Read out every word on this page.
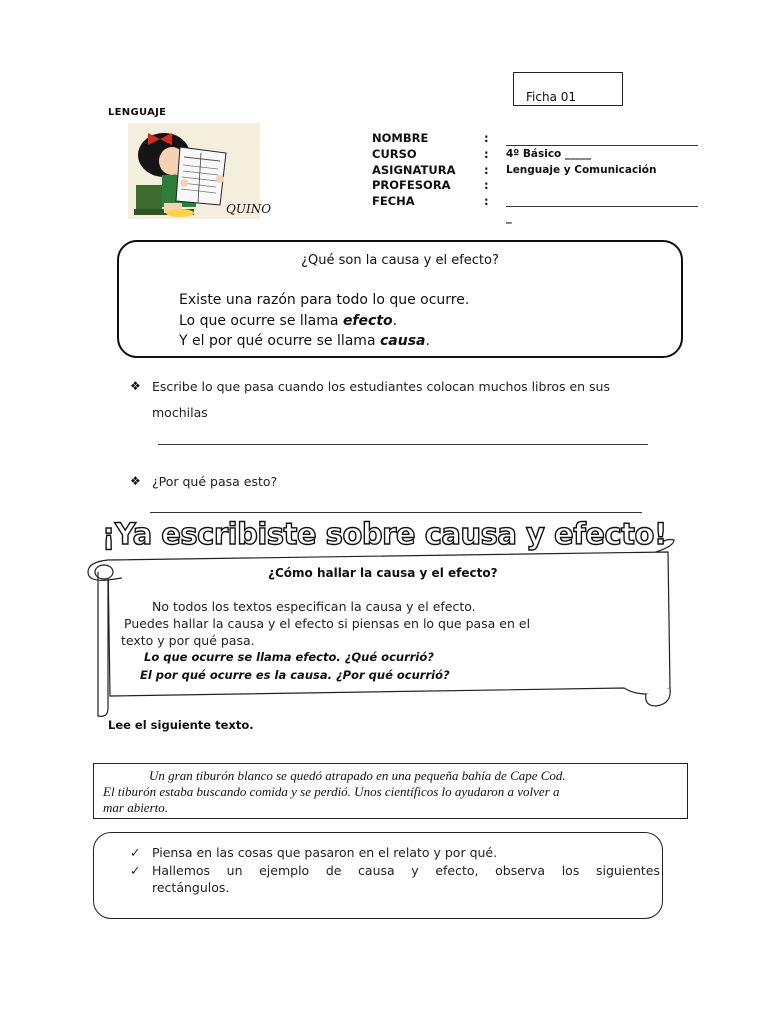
Ficha 01
LENGUAJE
QUINO
NOMBRE
CURSO
ASIGNATURA
PROFESORA
FECHA
:
:
:
:
:
4º Básico _____
Lenguaje y Comunicación
_
¿Qué son la causa y el efecto?
Existe una razón para todo lo que ocurre.
Lo que ocurre se llama efecto.
Y el por qué ocurre se llama causa.
❖ Escribe lo que pasa cuando los estudiantes colocan muchos libros en sus
mochilas
❖ ¿Por qué pasa esto?
¡Ya escribiste sobre causa y efecto!
¿Cómo hallar la causa y el efecto?
No todos los textos especifican la causa y el efecto.
Puedes hallar la causa y el efecto si piensas en lo que pasa en el
texto y por qué pasa.
Lo que ocurre se llama efecto. ¿Qué ocurrió?
El por qué ocurre es la causa. ¿Por qué ocurrió?
Lee el siguiente texto.
Un gran tiburón blanco se quedó atrapado en una pequeña bahía de Cape Cod.
El tiburón estaba buscando comida y se perdió. Unos científicos lo ayudaron a volver a
mar abierto.
✓ Piensa en las cosas que pasaron en el relato y por qué.
✓ Hallemos un ejemplo de causa y efecto, observa los siguientes
rectángulos.
